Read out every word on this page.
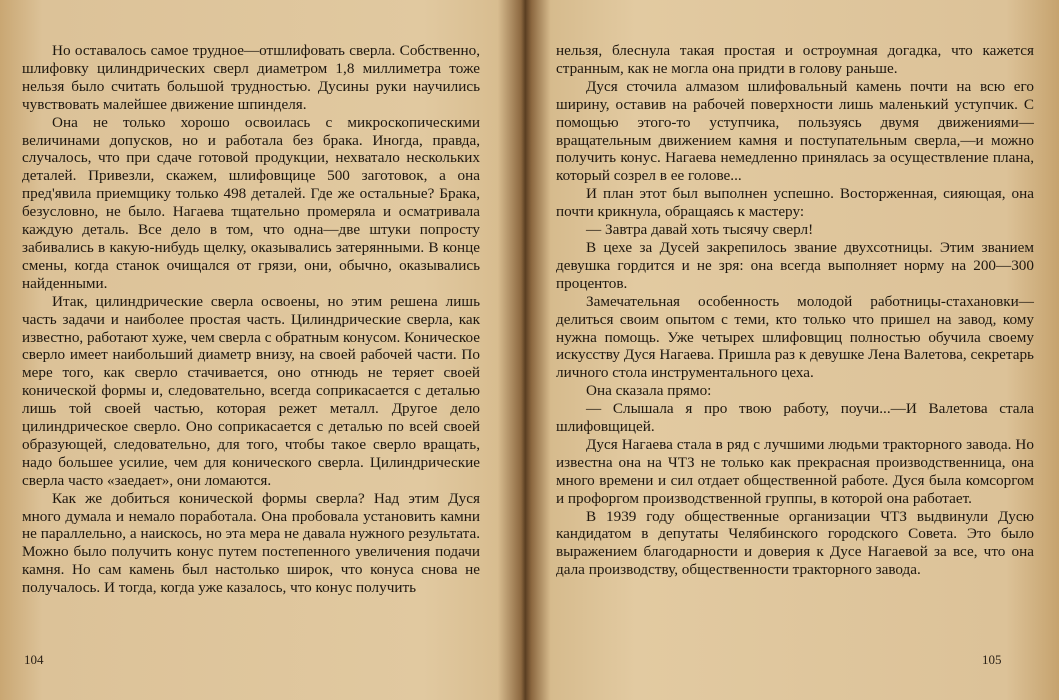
Но оставалось самое трудное—отшлифовать сверла. Собственно, шлифовку цилиндрических сверл диаметром 1,8 миллиметра тоже нельзя было считать большой трудностью. Дусины руки научились чувствовать малейшее движение шпинделя.

Она не только хорошо освоилась с микроскопическими величинами допусков, но и работала без брака. Иногда, правда, случалось, что при сдаче готовой продукции, нехватало нескольких деталей. Привезли, скажем, шлифовщице 500 заготовок, а она пред'явила приемщику только 498 деталей. Где же остальные? Брака, безусловно, не было. Нагаева тщательно промеряла и осматривала каждую деталь. Все дело в том, что одна—две штуки попросту забивались в какую-нибудь щелку, оказывались затерянными. В конце смены, когда станок очищался от грязи, они, обычно, оказывались найденными.

Итак, цилиндрические сверла освоены, но этим решена лишь часть задачи и наиболее простая часть. Цилиндрические сверла, как известно, работают хуже, чем сверла с обратным конусом. Коническое сверло имеет наибольший диаметр внизу, на своей рабочей части. По мере того, как сверло стачивается, оно отнюдь не теряет своей конической формы и, следовательно, всегда соприкасается с деталью лишь той своей частью, которая режет металл. Другое дело цилиндрическое сверло. Оно соприкасается с деталью по всей своей образующей, следовательно, для того, чтобы такое сверло вращать, надо большее усилие, чем для конического сверла. Цилиндрические сверла часто «заедает», они ломаются.

Как же добиться конической формы сверла? Над этим Дуся много думала и немало поработала. Она пробовала установить камни не параллельно, а наискось, но эта мера не давала нужного результата. Можно было получить конус путем постепенного увеличения подачи камня. Но сам камень был настолько широк, что конуса снова не получалось. И тогда, когда уже казалось, что конус получить

104

нельзя, блеснула такая простая и остроумная догадка, что кажется странным, как не могла она придти в голову раньше.

Дуся сточила алмазом шлифовальный камень почти на всю его ширину, оставив на рабочей поверхности лишь маленький уступчик. С помощью этого-то уступчика, пользуясь двумя движениями—вращательным движением камня и поступательным сверла,—и можно получить конус. Нагаева немедленно принялась за осуществление плана, который созрел в ее голове...

И план этот был выполнен успешно. Восторженная, сияющая, она почти крикнула, обращаясь к мастеру:

— Завтра давай хоть тысячу сверл!

В цехе за Дусей закрепилось звание двухсотницы. Этим званием девушка гордится и не зря: она всегда выполняет норму на 200—300 процентов.

Замечательная особенность молодой работницы-стахановки—делиться своим опытом с теми, кто только что пришел на завод, кому нужна помощь. Уже четырех шлифовщиц полностью обучила своему искусству Дуся Нагаева. Пришла раз к девушке Лена Валетова, секретарь личного стола инструментального цеха.

Она сказала прямо:

— Слышала я про твою работу, поучи...—И Валетова стала шлифовщицей.

Дуся Нагаева стала в ряд с лучшими людьми тракторного завода. Но известна она на ЧТЗ не только как прекрасная производственница, она много времени и сил отдает общественной работе. Дуся была комсоргом и профоргом производственной группы, в которой она работает.

В 1939 году общественные организации ЧТЗ выдвинули Дусю кандидатом в депутаты Челябинского городского Совета. Это было выражением благодарности и доверия к Дусе Нагаевой за все, что она дала производству, общественности тракторного завода.

105
